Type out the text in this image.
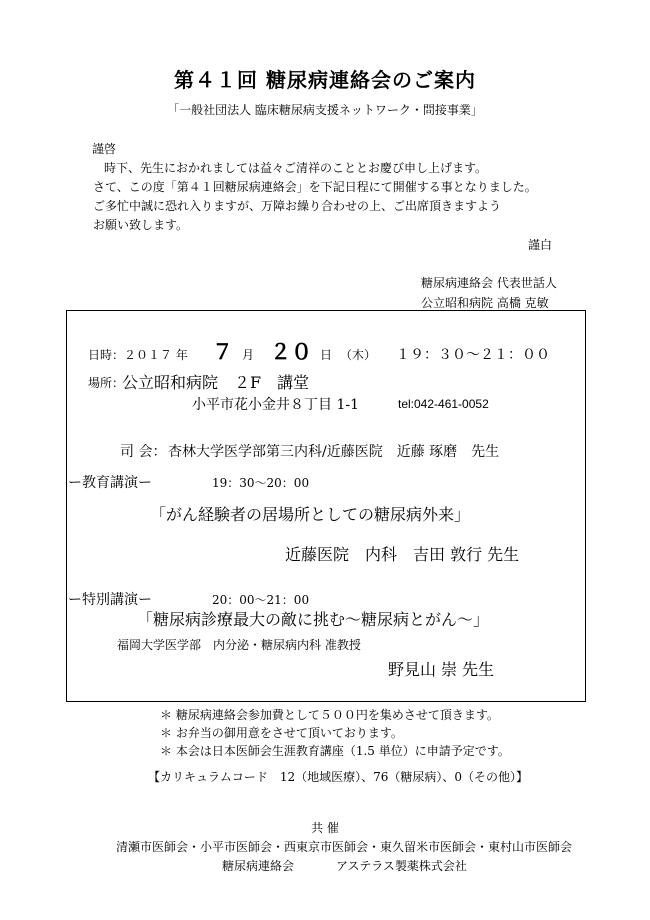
第４１回 糖尿病連絡会のご案内
「一般社団法人 臨床糖尿病支援ネットワーク・問接事業」
謹啓
時下、先生におかれましては益々ご清祥のこととお慶び申し上げます。
さて、この度「第４１回糖尿病連絡会」を下記日程にて開催する事となりました。
ご多忙中誠に恐れ入りますが、万障お繰り合わせの上、ご出席頂きますよう
お願い致します。
謹白
糖尿病連絡会 代表世話人
公立昭和病院 高橋 克敏
日時：２０１７ 年 ７ 月 ２０ 日 （木） １９：３０～２１：００
場所：
公立昭和病院　２F　講堂
小平市花小金井８丁目 1-1	tel:042-461-0052
司 会： 杏林大学医学部第三内科/近藤医院　近藤 琢磨　先生
ー教育講演ー	19：30～20：00
「がん経験者の居場所としての糖尿病外来」
近藤医院　内科　吉田 敦行 先生
ー特別講演ー	20：00～21：00
「糖尿病診療最大の敵に挑む～糖尿病とがん～」
福岡大学医学部　内分泌・糖尿病内科 准教授
野見山 崇 先生
＊ 糖尿病連絡会参加費として５００円を集めさせて頂きます。
＊ お弁当の御用意をさせて頂いております。
＊ 本会は日本医師会生涯教育講座（1.5 単位）に申請予定です。
【カリキュラムコード　12（地域医療）、76（糖尿病）、0（その他）】
共 催
清瀬市医師会・小平市医師会・西東京市医師会・東久留米市医師会・東村山市医師会
糖尿病連絡会	アステラス製薬株式会社
